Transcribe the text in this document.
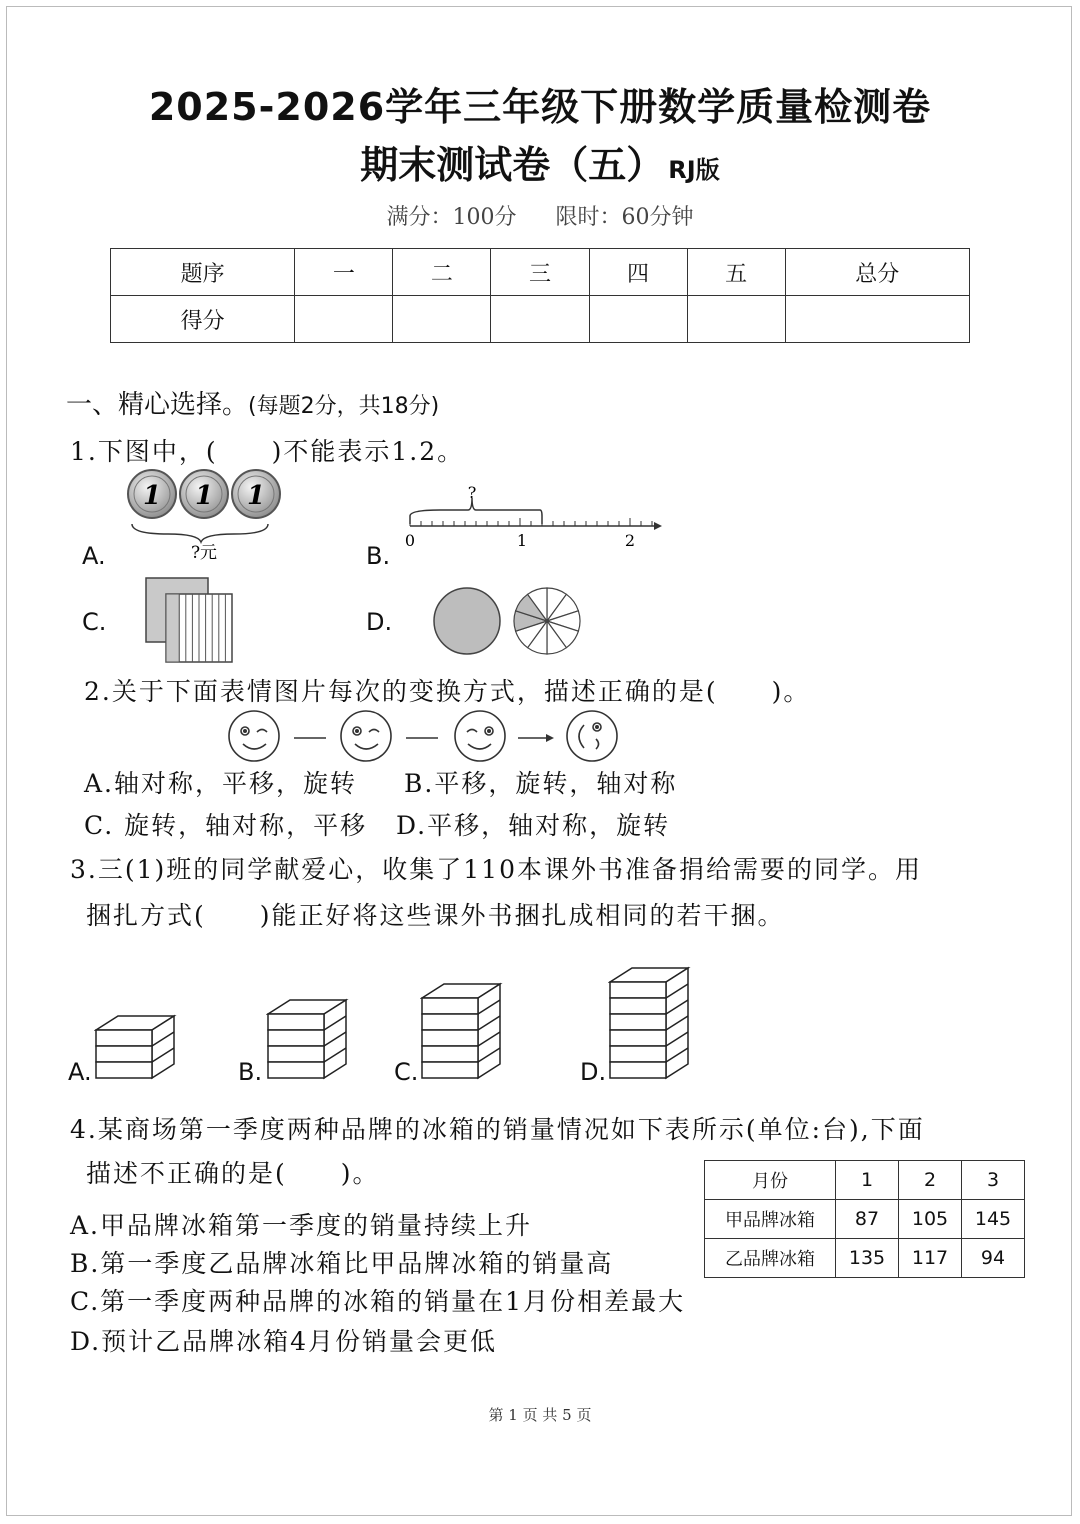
2025-2026学年三年级下册数学质量检测卷
期末测试卷（五） RJ版
满分：100分 限时：60分钟
题序	一	二	三	四	五	总分
得分						
一、精心选择。(每题2分，共18分)
1.下图中，(　　)不能表示1.2。
A.
1 1 1
?元	B.
?
0	1	2
C.	D.
2.关于下面表情图片每次的变换方式，描述正确的是(　　)。
A.轴对称，平移，旋转 B.平移，旋转，轴对称
C. 旋转，轴对称，平移 D.平移，轴对称，旋转
3.三(1)班的同学献爱心，收集了110本课外书准备捐给需要的同学。用
捆扎方式(　　)能正好将这些课外书捆扎成相同的若干捆。
A.	B.	C.	D.
4.某商场第一季度两种品牌的冰箱的销量情况如下表所示(单位:台),下面
描述不正确的是(　　)。	月份	1	2	3
甲品牌冰箱	87	105	145
乙品牌冰箱	135	117	94
A.甲品牌冰箱第一季度的销量持续上升
B.第一季度乙品牌冰箱比甲品牌冰箱的销量高
C.第一季度两种品牌的冰箱的销量在1月份相差最大
D.预计乙品牌冰箱4月份销量会更低
第 1 页 共 5 页
